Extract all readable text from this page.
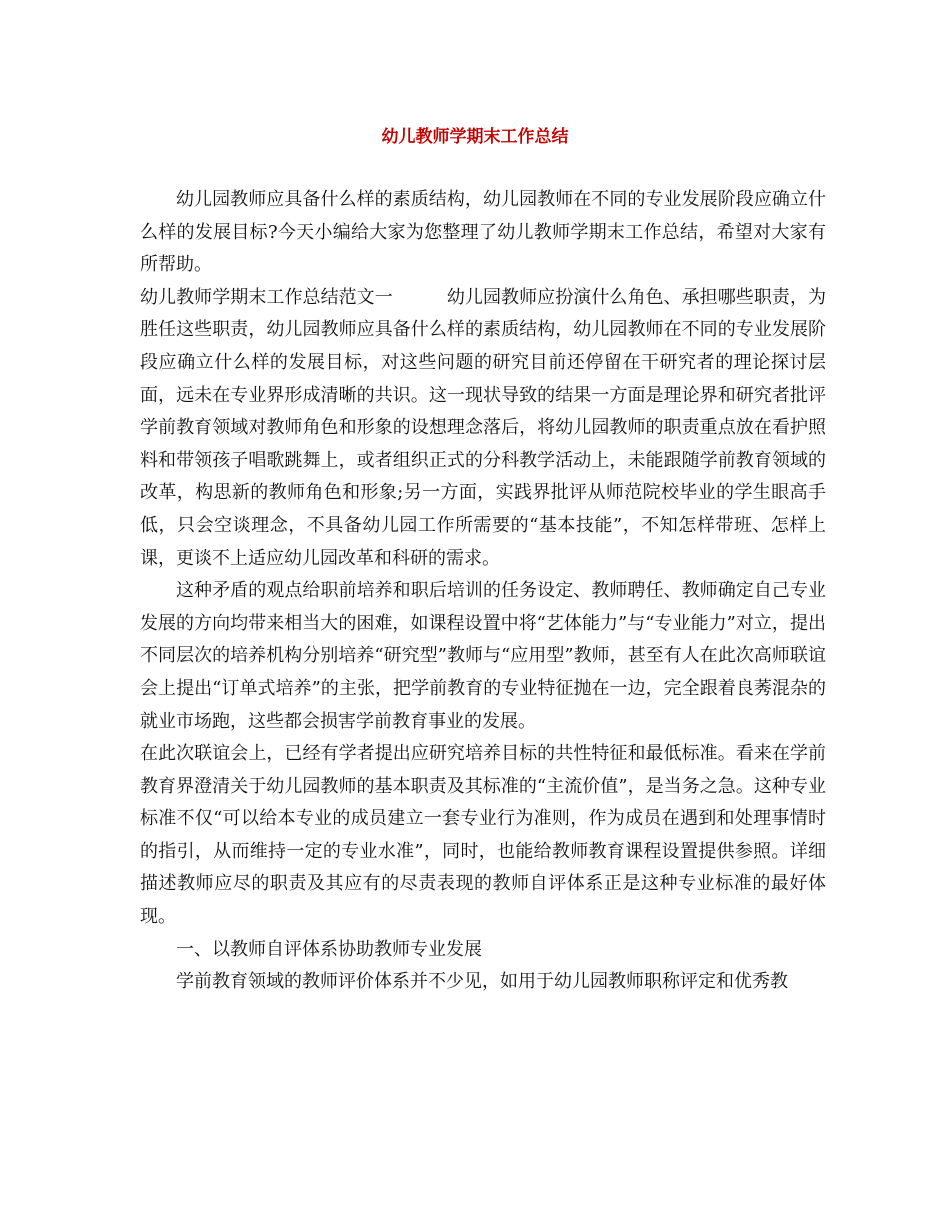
幼儿教师学期末工作总结

幼儿园教师应具备什么样的素质结构，幼儿园教师在不同的专业发展阶段应确立什么样的发展目标?今天小编给大家为您整理了幼儿教师学期末工作总结，希望对大家有所帮助。

幼儿教师学期末工作总结范文一	幼儿园教师应扮演什么角色、承担哪些职责，为胜任这些职责，幼儿园教师应具备什么样的素质结构，幼儿园教师在不同的专业发展阶段应确立什么样的发展目标，对这些问题的研究目前还停留在干研究者的理论探讨层面，远未在专业界形成清晰的共识。这一现状导致的结果一方面是理论界和研究者批评学前教育领域对教师角色和形象的设想理念落后，将幼儿园教师的职责重点放在看护照料和带领孩子唱歌跳舞上，或者组织正式的分科教学活动上，未能跟随学前教育领域的改革，构思新的教师角色和形象;另一方面，实践界批评从师范院校毕业的学生眼高手低，只会空谈理念，不具备幼儿园工作所需要的“基本技能”，不知怎样带班、怎样上课，更谈不上适应幼儿园改革和科研的需求。

这种矛盾的观点给职前培养和职后培训的任务设定、教师聘任、教师确定自己专业发展的方向均带来相当大的困难，如课程设置中将“艺体能力”与“专业能力”对立，提出不同层次的培养机构分别培养“研究型”教师与“应用型”教师，甚至有人在此次高师联谊会上提出“订单式培养”的主张，把学前教育的专业特征抛在一边，完全跟着良莠混杂的就业市场跑，这些都会损害学前教育事业的发展。

在此次联谊会上，已经有学者提出应研究培养目标的共性特征和最低标准。看来在学前教育界澄清关于幼儿园教师的基本职责及其标准的“主流价值”，是当务之急。这种专业标准不仅“可以给本专业的成员建立一套专业行为准则，作为成员在遇到和处理事情时的指引，从而维持一定的专业水准”，同时，也能给教师教育课程设置提供参照。详细描述教师应尽的职责及其应有的尽责表现的教师自评体系正是这种专业标准的最好体现。

一、以教师自评体系协助教师专业发展

学前教育领域的教师评价体系并不少见，如用于幼儿园教师职称评定和优秀教
